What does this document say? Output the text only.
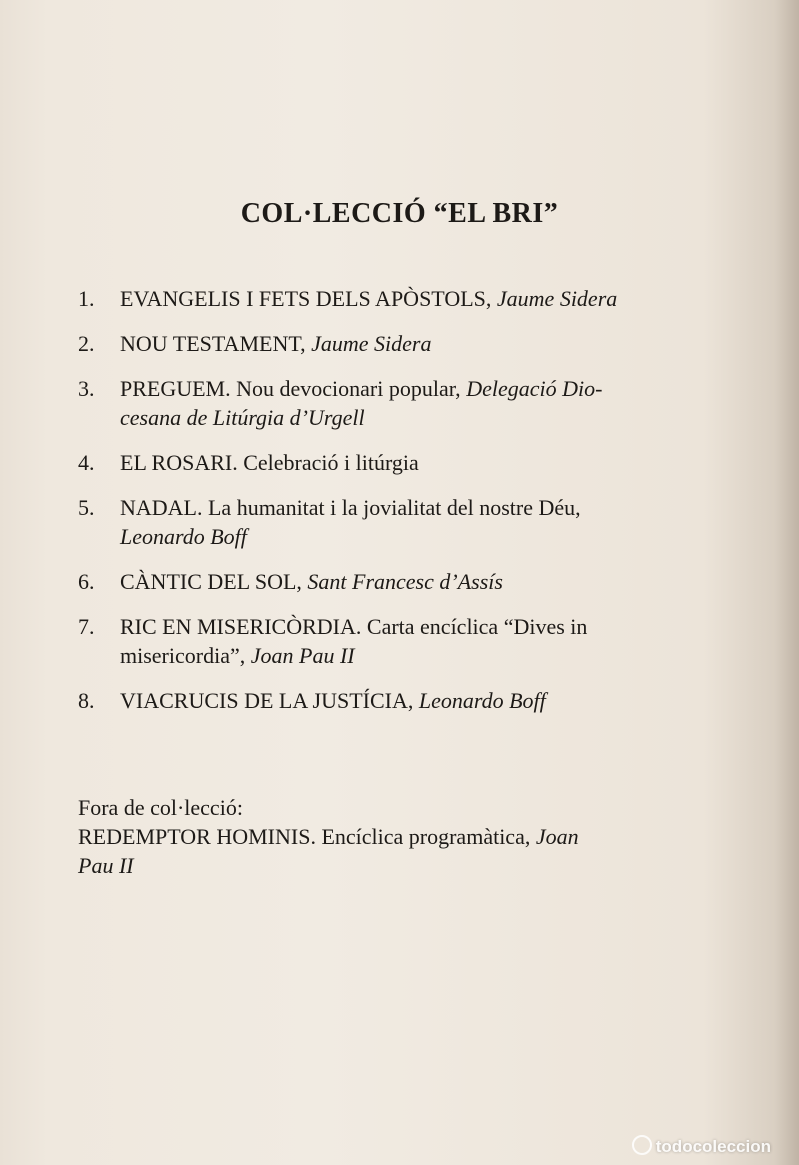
COL·LECCIÓ “EL BRI”
1. EVANGELIS I FETS DELS APÒSTOLS, Jaume Sidera
2. NOU TESTAMENT, Jaume Sidera
3. PREGUEM. Nou devocionari popular, Delegació Dio-
cesana de Litúrgia d’Urgell
4. EL ROSARI. Celebració i litúrgia
5. NADAL. La humanitat i la jovialitat del nostre Déu,
Leonardo Boff
6. CÀNTIC DEL SOL, Sant Francesc d’Assís
7. RIC EN MISERICÒRDIA. Carta encíclica “Dives in
misericordia”, Joan Pau II
8. VIACRUCIS DE LA JUSTÍCIA, Leonardo Boff
Fora de col·lecció:
REDEMPTOR HOMINIS. Encíclica programàtica, Joan
Pau II
todocoleccion
